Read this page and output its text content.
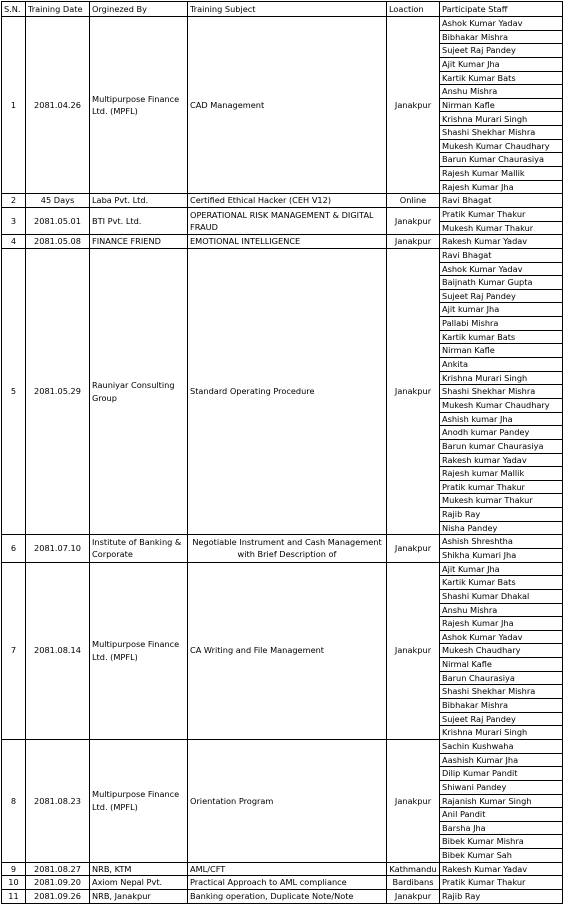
S.N.	Training Date	Orginezed By	Training Subject	Loaction	Participate Staff
1	2081.04.26	Multipurpose Finance Ltd. (MPFL)	CAD Management	Janakpur	Ashok Kumar Yadav
					Bibhakar Mishra
					Sujeet Raj Pandey
					Ajit Kumar Jha
					Kartik Kumar Bats
					Anshu Mishra
					Nirman Kafle
					Krishna Murari Singh
					Shashi Shekhar Mishra
					Mukesh Kumar Chaudhary
					Barun Kumar Chaurasiya
					Rajesh Kumar Mallik
					Rajesh Kumar Jha
2	45 Days	Laba Pvt. Ltd.	Certified Ethical Hacker (CEH V12)	Online	Ravi Bhagat
3	2081.05.01	BTI Pvt. Ltd.	OPERATIONAL RISK MANAGEMENT & DIGITAL FRAUD	Janakpur	Pratik Kumar Thakur
					Mukesh Kumar Thakur
4	2081.05.08	FINANCE FRIEND	EMOTIONAL INTELLIGENCE	Janakpur	Rakesh Kumar Yadav
5	2081.05.29	Rauniyar Consulting Group	Standard Operating Procedure	Janakpur	Ravi Bhagat
					Ashok Kumar Yadav
					Baijnath Kumar Gupta
					Sujeet Raj Pandey
					Ajit kumar Jha
					Pallabi Mishra
					Kartik kumar Bats
					Nirman Kafle
					Ankita
					Krishna Murari Singh
					Shashi Shekhar Mishra
					Mukesh Kumar Chaudhary
					Ashish kumar Jha
					Anodh kumar Pandey
					Barun kumar Chaurasiya
					Rakesh kumar Yadav
					Rajesh kumar Mallik
					Pratik kumar Thakur
					Mukesh kumar Thakur
					Rajib Ray
					Nisha Pandey
6	2081.07.10	Institute of Banking & Corporate	Negotiable Instrument and Cash Management with Brief Description of	Janakpur	Ashish Shreshtha
					Shikha Kumari Jha
7	2081.08.14	Multipurpose Finance Ltd. (MPFL)	CA Writing and File Management	Janakpur	Ajit Kumar Jha
					Kartik Kumar Bats
					Shashi Kumar Dhakal
					Anshu Mishra
					Rajesh Kumar Jha
					Ashok Kumar Yadav
					Mukesh Chaudhary
					Nirmal Kafle
					Barun Chaurasiya
					Shashi Shekhar Mishra
					Bibhakar Mishra
					Sujeet Raj Pandey
					Krishna Murari Singh
8	2081.08.23	Multipurpose Finance Ltd. (MPFL)	Orientation Program	Janakpur	Sachin Kushwaha
					Aashish Kumar Jha
					Dilip Kumar Pandit
					Shiwani Pandey
					Rajanish Kumar Singh
					Anil Pandit
					Barsha Jha
					Bibek Kumar Mishra
					Bibek Kumar Sah
9	2081.08.27	NRB, KTM	AML/CFT	Kathmandu	Rakesh Kumar Yadav
10	2081.09.20	Axiom Nepal Pvt.	Practical Approach to AML compliance	Bardibans	Pratik Kumar Thakur
11	2081.09.26	NRB, Janakpur	Banking operation, Duplicate Note/Note	Janakpur	Rajib Ray
